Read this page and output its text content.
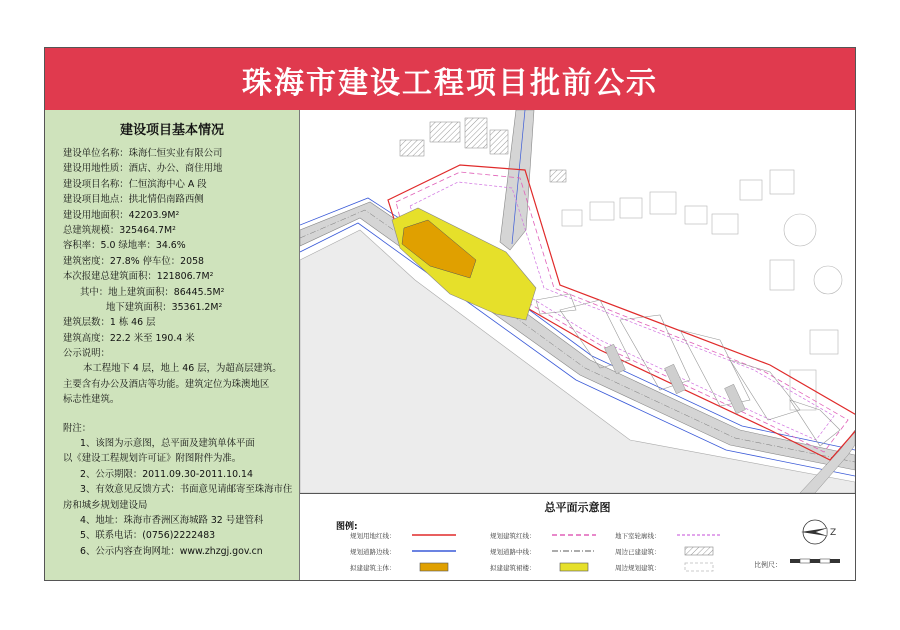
珠海市建设工程项目批前公示
建设项目基本情况
建设单位名称：珠海仁恒实业有限公司
建设用地性质：酒店、办公、商住用地
建设项目名称：仁恒滨海中心 A 段
建设项目地点：拱北情侣南路西侧
建设用地面积：42203.9M²
总建筑规模：325464.7M²
容积率：5.0 绿地率：34.6%
建筑密度：27.8% 停车位：2058
本次报建总建筑面积：121806.7M²
其中：地上建筑面积：86445.5M²
地下建筑面积：35361.2M²
建筑层数：1 栋 46 层
建筑高度：22.2 米至 190.4 米
公示说明：
本工程地下 4 层，地上 46 层，为超高层建筑。
主要含有办公及酒店等功能。建筑定位为珠澳地区
标志性建筑。
附注：
1、该图为示意图，总平面及建筑单体平面
以《建设工程规划许可证》附图附件为准。
2、公示期限：2011.09.30-2011.10.14
3、有效意见反馈方式：书面意见请邮寄至珠海市住
房和城乡规划建设局
4、地址：珠海市香洲区海城路 32 号建管科
5、联系电话：(0756)2222483
6、公示内容查询网址：www.zhzgj.gov.cn
总平面示意图
图例:
规划用地红线：	规划建筑红线：	地下室轮廓线：
规划道路边线：	规划道路中线：	周边已建建筑：
拟建建筑主体：	拟建建筑裙楼：	周边规划建筑：
Z
比例尺：
